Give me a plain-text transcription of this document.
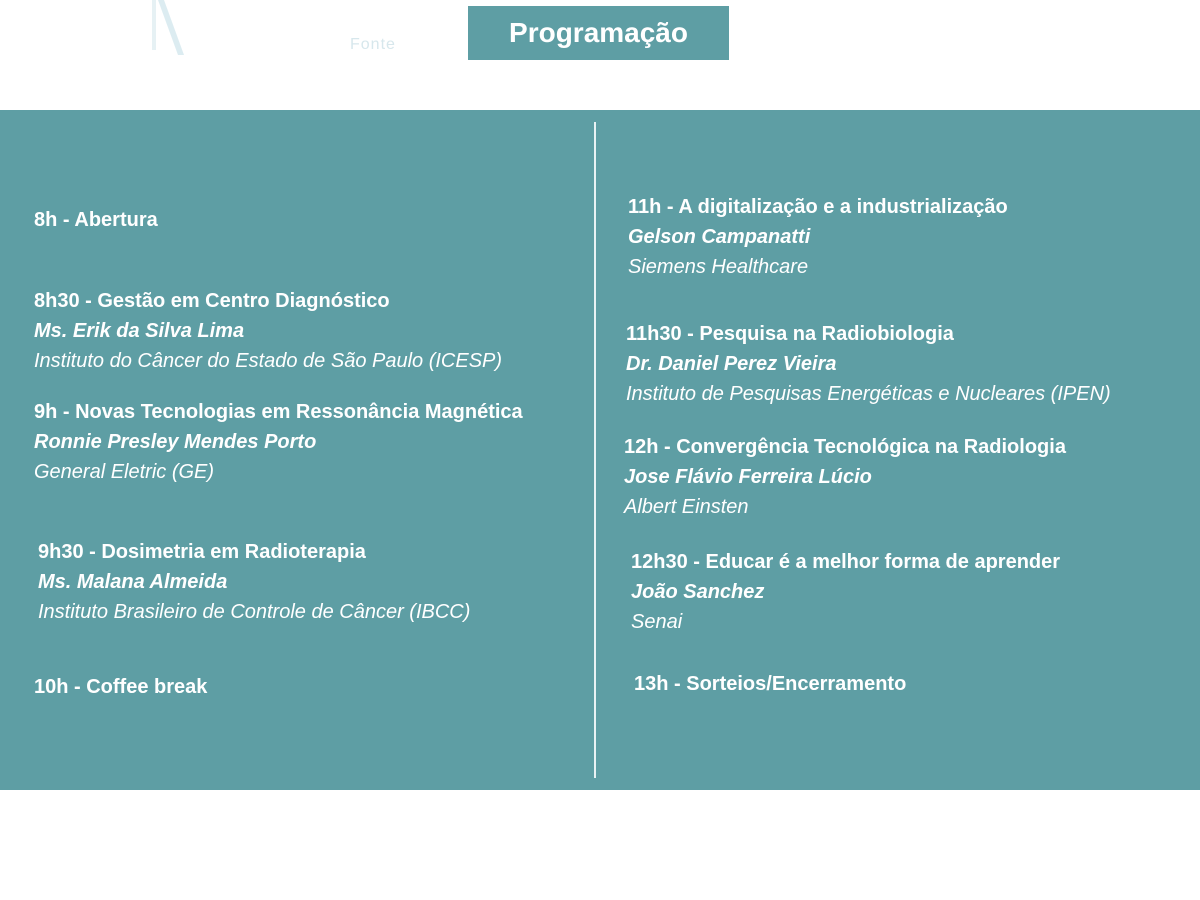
Fonte	Programação
8h - Abertura
8h30 - Gestão em Centro Diagnóstico
Ms. Erik da Silva Lima
Instituto do Câncer do Estado de São Paulo (ICESP)
9h - Novas Tecnologias em Ressonância Magnética
Ronnie Presley Mendes Porto
General Eletric (GE)
9h30 - Dosimetria em Radioterapia
Ms. Malana Almeida
Instituto Brasileiro de Controle de Câncer (IBCC)
10h - Coffee break
11h - A digitalização e a industrialização
Gelson Campanatti
Siemens Healthcare
11h30 - Pesquisa na Radiobiologia
Dr. Daniel Perez Vieira
Instituto de Pesquisas Energéticas e Nucleares (IPEN)
12h - Convergência Tecnológica na Radiologia
Jose Flávio Ferreira Lúcio
Albert Einsten
12h30 - Educar é a melhor forma de aprender
João Sanchez
Senai
13h - Sorteios/Encerramento
